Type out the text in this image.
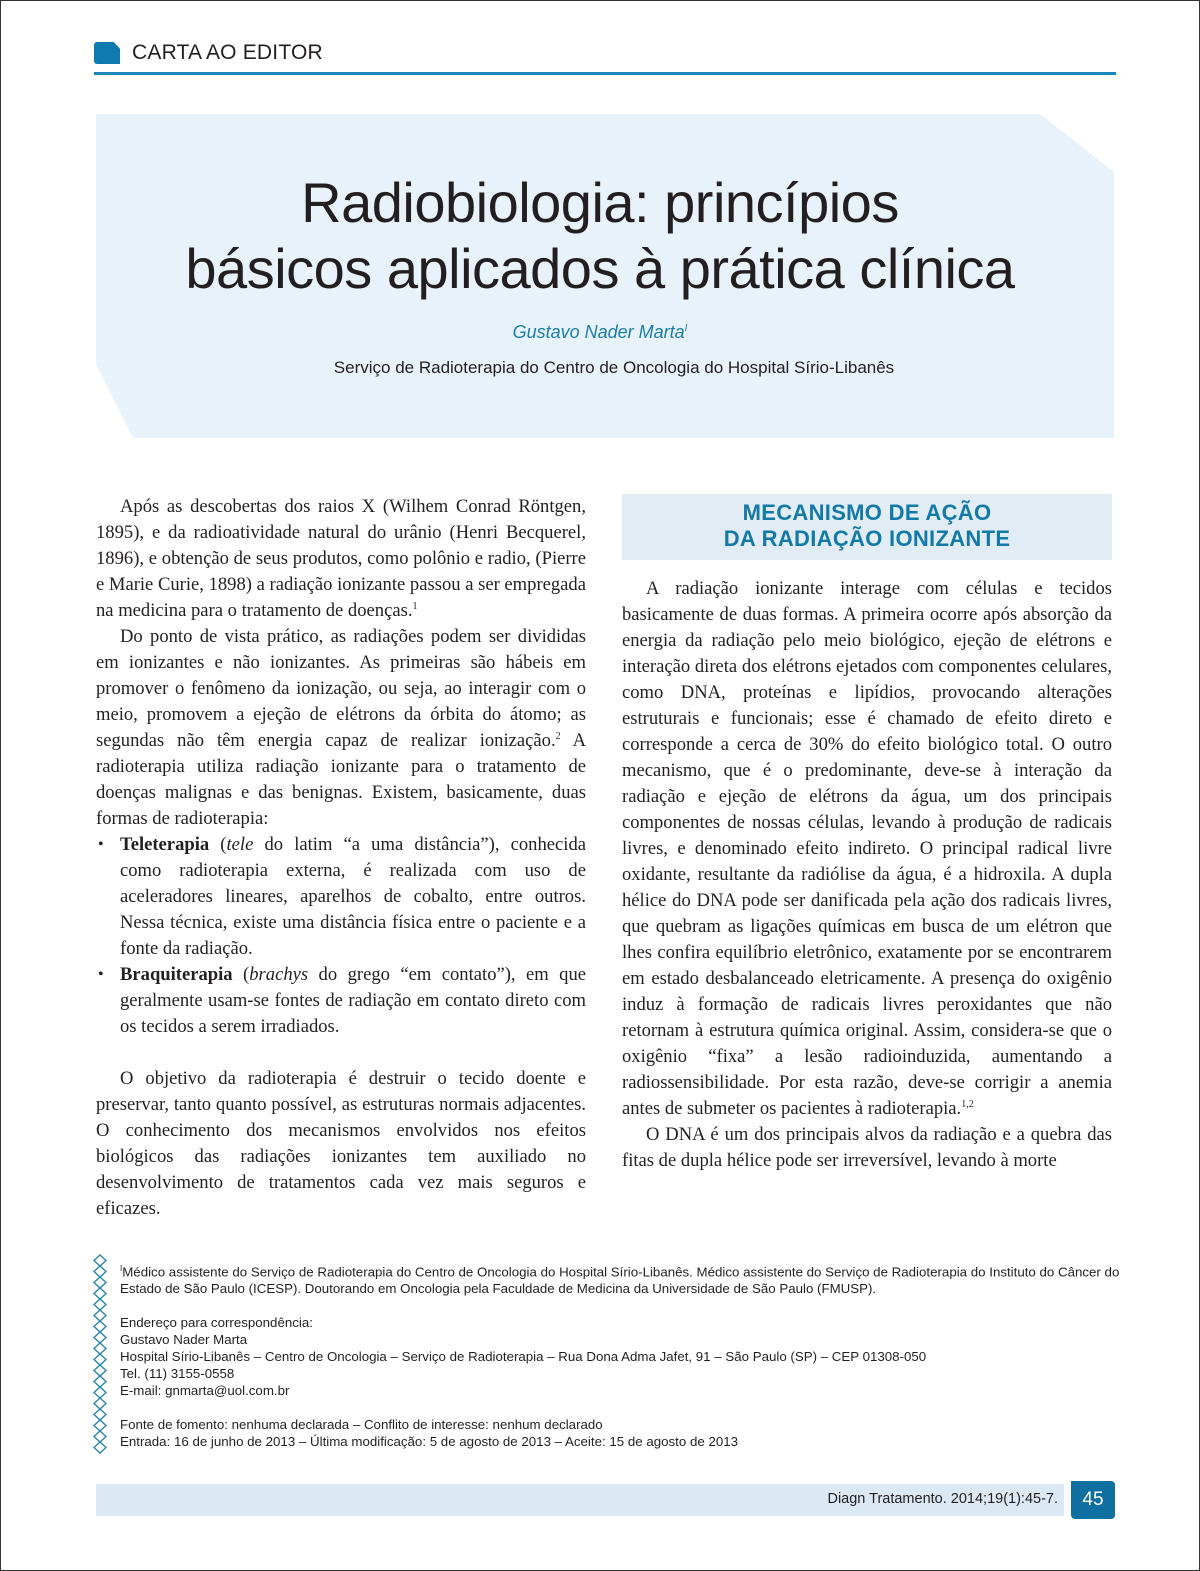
CARTA AO EDITOR
Radiobiologia: princípios
básicos aplicados à prática clínica
Gustavo Nader Marta$^I$
Serviço de Radioterapia do Centro de Oncologia do Hospital Sírio-Libanês

Após as descobertas dos raios X (Wilhem Conrad Röntgen, 1895), e da radioatividade natural do urânio (Henri Becquerel, 1896), e obtenção de seus produtos, como polônio e radio, (Pierre e Marie Curie, 1898) a radiação ionizante passou a ser empregada na medicina para o tratamento de doenças.$^1$

Do ponto de vista prático, as radiações podem ser divididas em ionizantes e não ionizantes. As primeiras são hábeis em promover o fenômeno da ionização, ou seja, ao interagir com o meio, promovem a ejeção de elétrons da órbita do átomo; as segundas não têm energia capaz de realizar ionização.$^2$ A radioterapia utiliza radiação ionizante para o tratamento de doenças malignas e das benignas. Existem, basicamente, duas formas de radioterapia:

• Teleterapia (tele do latim “a uma distância”), conhecida como radioterapia externa, é realizada com uso de aceleradores lineares, aparelhos de cobalto, entre outros. Nessa técnica, existe uma distância física entre o paciente e a fonte da radiação.
• Braquiterapia (brachys do grego “em contato”), em que geralmente usam-se fontes de radiação em contato direto com os tecidos a serem irradiados.

O objetivo da radioterapia é destruir o tecido doente e preservar, tanto quanto possível, as estruturas normais adjacentes. O conhecimento dos mecanismos envolvidos nos efeitos biológicos das radiações ionizantes tem auxiliado no desenvolvimento de tratamentos cada vez mais seguros e eficazes.

MECANISMO DE AÇÃO
DA RADIAÇÃO IONIZANTE

A radiação ionizante interage com células e tecidos basicamente de duas formas. A primeira ocorre após absorção da energia da radiação pelo meio biológico, ejeção de elétrons e interação direta dos elétrons ejetados com componentes celulares, como DNA, proteínas e lipídios, provocando alterações estruturais e funcionais; esse é chamado de efeito direto e corresponde a cerca de 30% do efeito biológico total. O outro mecanismo, que é o predominante, deve-se à interação da radiação e ejeção de elétrons da água, um dos principais componentes de nossas células, levando à produção de radicais livres, e denominado efeito indireto. O principal radical livre oxidante, resultante da radiólise da água, é a hidroxila. A dupla hélice do DNA pode ser danificada pela ação dos radicais livres, que quebram as ligações químicas em busca de um elétron que lhes confira equilíbrio eletrônico, exatamente por se encontrarem em estado desbalanceado eletricamente. A presença do oxigênio induz à formação de radicais livres peroxidantes que não retornam à estrutura química original. Assim, considera-se que o oxigênio “fixa” a lesão radioinduzida, aumentando a radiossensibilidade. Por esta razão, deve-se corrigir a anemia antes de submeter os pacientes à radioterapia.$^{1,2}$

O DNA é um dos principais alvos da radiação e a quebra das fitas de dupla hélice pode ser irreversível, levando à morte

$^I$Médico assistente do Serviço de Radioterapia do Centro de Oncologia do Hospital Sírio-Libanês. Médico assistente do Serviço de Radioterapia do Instituto do Câncer do Estado de São Paulo (ICESP). Doutorando em Oncologia pela Faculdade de Medicina da Universidade de São Paulo (FMUSP).

Endereço para correspondência:

Gustavo Nader Marta

Hospital Sírio-Libanês – Centro de Oncologia – Serviço de Radioterapia – Rua Dona Adma Jafet, 91 – São Paulo (SP) – CEP 01308-050

Tel. (11) 3155-0558

E-mail: gnmarta@uol.com.br

Fonte de fomento: nenhuma declarada – Conflito de interesse: nenhum declarado

Entrada: 16 de junho de 2013 – Última modificação: 5 de agosto de 2013 – Aceite: 15 de agosto de 2013

Diagn Tratamento. 2014;19(1):45-7.	45
